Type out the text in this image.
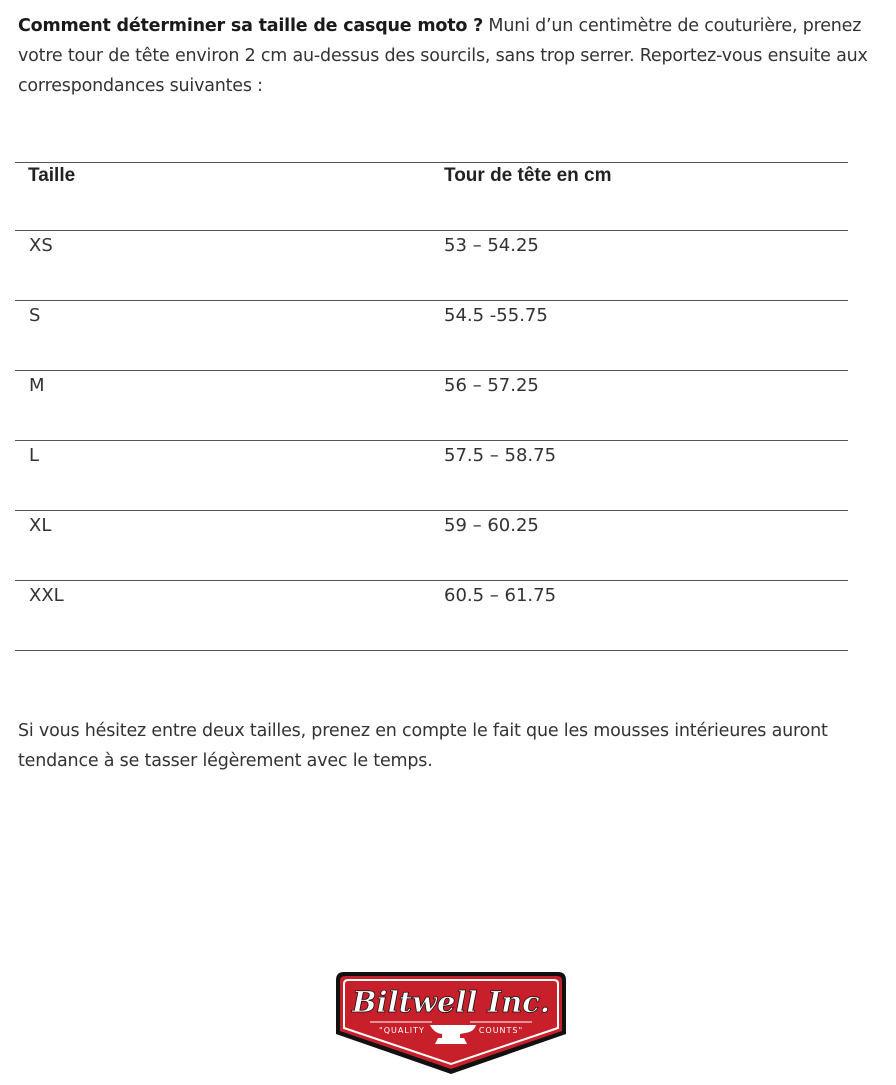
Comment déterminer sa taille de casque moto ? Muni d’un centimètre de couturière, prenez votre tour de tête environ 2 cm au-dessus des sourcils, sans trop serrer. Reportez-vous ensuite aux correspondances suivantes :

Taille	Tour de tête en cm
XS	53 – 54.25
S	54.5 -55.75
M	56 – 57.25
L	57.5 – 58.75
XL	59 – 60.25
XXL	60.5 – 61.75

Si vous hésitez entre deux tailles, prenez en compte le fait que les mousses intérieures auront tendance à se tasser légèrement avec le temps.

Biltwell Inc.
"QUALITY	COUNTS"
